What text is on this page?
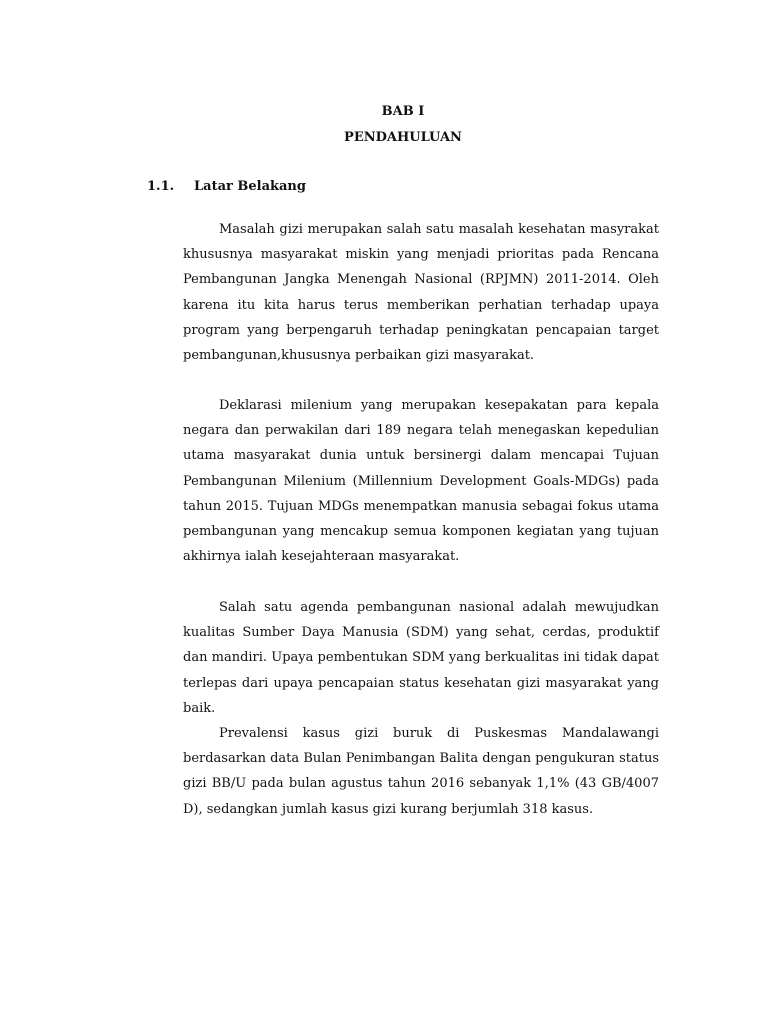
BAB I
PENDAHULUAN
1.1. Latar Belakang

Masalah gizi merupakan salah satu masalah kesehatan masyrakat khususnya masyarakat miskin yang menjadi prioritas pada Rencana Pembangunan Jangka Menengah Nasional (RPJMN) 2011-2014. Oleh karena itu kita harus terus memberikan perhatian terhadap upaya program yang berpengaruh terhadap peningkatan pencapaian target pembangunan,khususnya perbaikan gizi masyarakat.

Deklarasi milenium yang merupakan kesepakatan para kepala negara dan perwakilan dari 189 negara telah menegaskan kepedulian utama masyarakat dunia untuk bersinergi dalam mencapai Tujuan Pembangunan Milenium (Millennium Development Goals-MDGs) pada tahun 2015. Tujuan MDGs menempatkan manusia sebagai fokus utama pembangunan yang mencakup semua komponen kegiatan yang tujuan akhirnya ialah kesejahteraan masyarakat.

Salah satu agenda pembangunan nasional adalah mewujudkan kualitas Sumber Daya Manusia (SDM) yang sehat, cerdas, produktif dan mandiri. Upaya pembentukan SDM yang berkualitas ini tidak dapat terlepas dari upaya pencapaian status kesehatan gizi masyarakat yang baik.

Prevalensi kasus gizi buruk di Puskesmas Mandalawangi berdasarkan data Bulan Penimbangan Balita dengan pengukuran status gizi BB/U pada bulan agustus tahun 2016 sebanyak 1,1% (43 GB/4007 D), sedangkan jumlah kasus gizi kurang berjumlah 318 kasus.
